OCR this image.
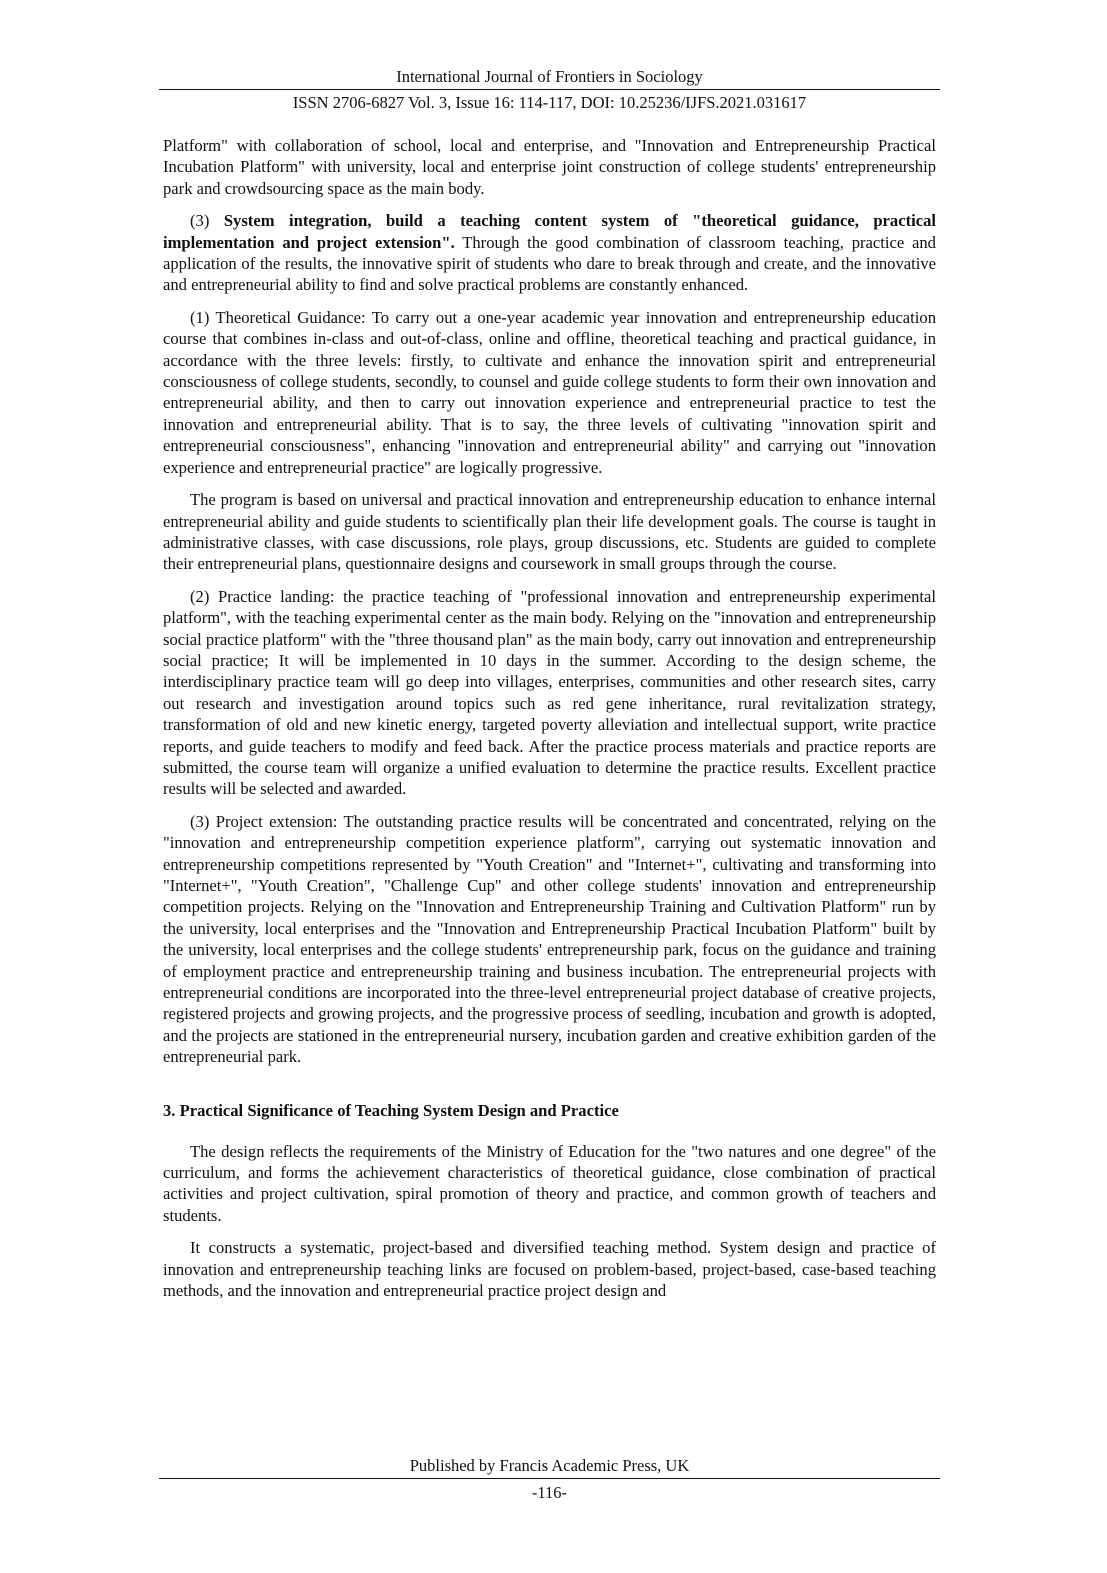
International Journal of Frontiers in Sociology
ISSN 2706-6827 Vol. 3, Issue 16: 114-117, DOI: 10.25236/IJFS.2021.031617

Platform" with collaboration of school, local and enterprise, and "Innovation and Entrepreneurship Practical Incubation Platform" with university, local and enterprise joint construction of college students' entrepreneurship park and crowdsourcing space as the main body.

(3) System integration, build a teaching content system of "theoretical guidance, practical implementation and project extension". Through the good combination of classroom teaching, practice and application of the results, the innovative spirit of students who dare to break through and create, and the innovative and entrepreneurial ability to find and solve practical problems are constantly enhanced.

(1) Theoretical Guidance: To carry out a one-year academic year innovation and entrepreneurship education course that combines in-class and out-of-class, online and offline, theoretical teaching and practical guidance, in accordance with the three levels: firstly, to cultivate and enhance the innovation spirit and entrepreneurial consciousness of college students, secondly, to counsel and guide college students to form their own innovation and entrepreneurial ability, and then to carry out innovation experience and entrepreneurial practice to test the innovation and entrepreneurial ability. That is to say, the three levels of cultivating "innovation spirit and entrepreneurial consciousness", enhancing "innovation and entrepreneurial ability" and carrying out "innovation experience and entrepreneurial practice" are logically progressive.

The program is based on universal and practical innovation and entrepreneurship education to enhance internal entrepreneurial ability and guide students to scientifically plan their life development goals. The course is taught in administrative classes, with case discussions, role plays, group discussions, etc. Students are guided to complete their entrepreneurial plans, questionnaire designs and coursework in small groups through the course.

(2) Practice landing: the practice teaching of "professional innovation and entrepreneurship experimental platform", with the teaching experimental center as the main body. Relying on the "innovation and entrepreneurship social practice platform" with the "three thousand plan" as the main body, carry out innovation and entrepreneurship social practice; It will be implemented in 10 days in the summer. According to the design scheme, the interdisciplinary practice team will go deep into villages, enterprises, communities and other research sites, carry out research and investigation around topics such as red gene inheritance, rural revitalization strategy, transformation of old and new kinetic energy, targeted poverty alleviation and intellectual support, write practice reports, and guide teachers to modify and feed back. After the practice process materials and practice reports are submitted, the course team will organize a unified evaluation to determine the practice results. Excellent practice results will be selected and awarded.

(3) Project extension: The outstanding practice results will be concentrated and concentrated, relying on the "innovation and entrepreneurship competition experience platform", carrying out systematic innovation and entrepreneurship competitions represented by "Youth Creation" and "Internet+", cultivating and transforming into "Internet+", "Youth Creation", "Challenge Cup" and other college students' innovation and entrepreneurship competition projects. Relying on the "Innovation and Entrepreneurship Training and Cultivation Platform" run by the university, local enterprises and the "Innovation and Entrepreneurship Practical Incubation Platform" built by the university, local enterprises and the college students' entrepreneurship park, focus on the guidance and training of employment practice and entrepreneurship training and business incubation. The entrepreneurial projects with entrepreneurial conditions are incorporated into the three-level entrepreneurial project database of creative projects, registered projects and growing projects, and the progressive process of seedling, incubation and growth is adopted, and the projects are stationed in the entrepreneurial nursery, incubation garden and creative exhibition garden of the entrepreneurial park.

3. Practical Significance of Teaching System Design and Practice

The design reflects the requirements of the Ministry of Education for the "two natures and one degree" of the curriculum, and forms the achievement characteristics of theoretical guidance, close combination of practical activities and project cultivation, spiral promotion of theory and practice, and common growth of teachers and students.

It constructs a systematic, project-based and diversified teaching method. System design and practice of innovation and entrepreneurship teaching links are focused on problem-based, project-based, case-based teaching methods, and the innovation and entrepreneurial practice project design and

Published by Francis Academic Press, UK
-116-
